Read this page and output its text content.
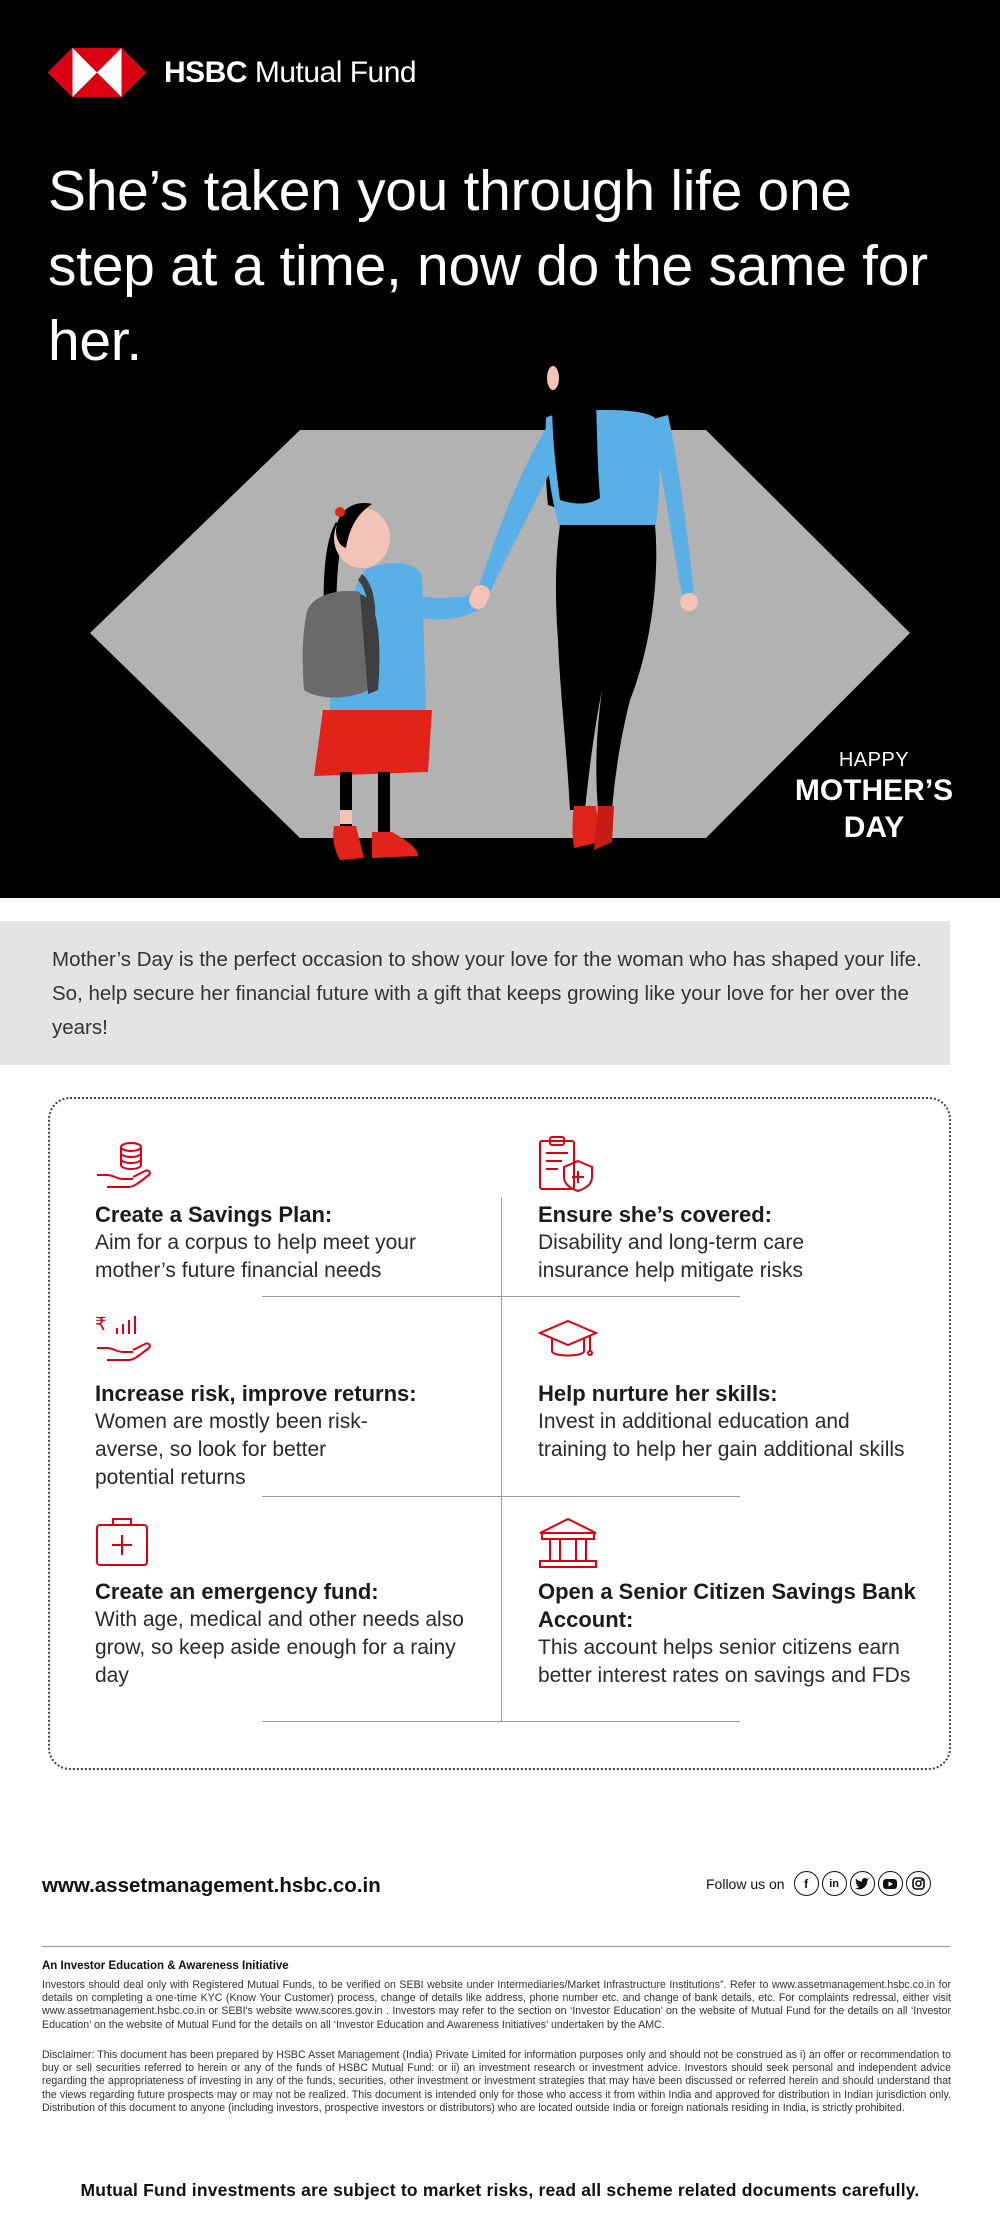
HSBC Mutual Fund
She’s taken you through life one step at a time, now do the same for her.
HAPPY
MOTHER’S
DAY

Mother’s Day is the perfect occasion to show your love for the woman who has shaped your life. So, help secure her financial future with a gift that keeps growing like your love for her over the years!

Create a Savings Plan:

Aim for a corpus to help meet your mother’s future financial needs

Ensure she’s covered:

Disability and long-term care insurance help mitigate risks

₹
Increase risk, improve returns:

Women are mostly been risk-averse, so look for better potential returns

Help nurture her skills:

Invest in additional education and training to help her gain additional skills

Create an emergency fund:

With age, medical and other needs also grow, so keep aside enough for a rainy day

Open a Senior Citizen Savings Bank Account:

This account helps senior citizens earn better interest rates on savings and FDs

www.assetmanagement.hsbc.co.in	Follow us on	f	in
An Investor Education & Awareness Initiative

Investors should deal only with Registered Mutual Funds, to be verified on SEBI website under Intermediaries/Market Infrastructure Institutions”. Refer to www.assetmanagement.hsbc.co.in for details on completing a one-time KYC (Know Your Customer) process, change of details like address, phone number etc. and change of bank details, etc. For complaints redressal, either visit www.assetmanagement.hsbc.co.in or SEBI's website www.scores.gov.in . Investors may refer to the section on ‘Investor Education’ on the website of Mutual Fund for the details on all ‘Investor Education’ on the website of Mutual Fund for the details on all ‘Investor Education and Awareness Initiatives’ undertaken by the AMC.

Disclaimer: This document has been prepared by HSBC Asset Management (India) Private Limited for information purposes only and should not be construed as i) an offer or recommendation to buy or sell securities referred to herein or any of the funds of HSBC Mutual Fund: or ii) an investment research or investment advice. Investors should seek personal and independent advice regarding the appropriateness of investing in any of the funds, securities, other investment or investment strategies that may have been discussed or referred herein and should understand that the views regarding future prospects may or may not be realized. This document is intended only for those who access it from within India and approved for distribution in Indian jurisdiction only. Distribution of this document to anyone (including investors, prospective investors or distributors) who are located outside India or foreign nationals residing in India, is strictly prohibited.

Mutual Fund investments are subject to market risks, read all scheme related documents carefully.
